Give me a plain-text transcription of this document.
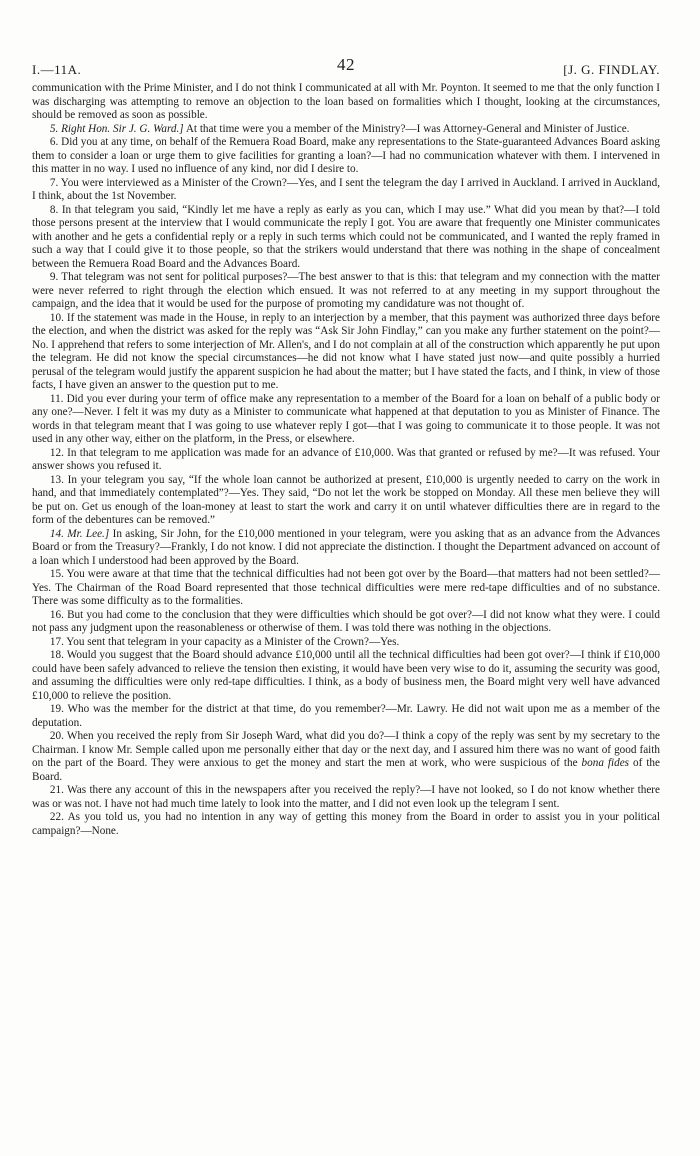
I.—11A.	42	[J. G. FINDLAY.

communication with the Prime Minister, and I do not think I communicated at all with Mr. Poynton. It seemed to me that the only function I was discharging was attempting to remove an objection to the loan based on formalities which I thought, looking at the circumstances, should be removed as soon as possible.

5. Right Hon. Sir J. G. Ward.] At that time were you a member of the Ministry?—I was Attorney-General and Minister of Justice.

6. Did you at any time, on behalf of the Remuera Road Board, make any representations to the State-guaranteed Advances Board asking them to consider a loan or urge them to give facilities for granting a loan?—I had no communication whatever with them. I intervened in this matter in no way. I used no influence of any kind, nor did I desire to.

7. You were interviewed as a Minister of the Crown?—Yes, and I sent the telegram the day I arrived in Auckland. I arrived in Auckland, I think, about the 1st November.

8. In that telegram you said, “Kindly let me have a reply as early as you can, which I may use.” What did you mean by that?—I told those persons present at the interview that I would communicate the reply I got. You are aware that frequently one Minister communicates with another and he gets a confidential reply or a reply in such terms which could not be communicated, and I wanted the reply framed in such a way that I could give it to those people, so that the strikers would understand that there was nothing in the shape of concealment between the Remuera Road Board and the Advances Board.

9. That telegram was not sent for political purposes?—The best answer to that is this: that telegram and my connection with the matter were never referred to right through the election which ensued. It was not referred to at any meeting in my support throughout the campaign, and the idea that it would be used for the purpose of promoting my candidature was not thought of.

10. If the statement was made in the House, in reply to an interjection by a member, that this payment was authorized three days before the election, and when the district was asked for the reply was “Ask Sir John Findlay,” can you make any further statement on the point?—No. I apprehend that refers to some interjection of Mr. Allen's, and I do not complain at all of the construction which apparently he put upon the telegram. He did not know the special circumstances—he did not know what I have stated just now—and quite possibly a hurried perusal of the telegram would justify the apparent suspicion he had about the matter; but I have stated the facts, and I think, in view of those facts, I have given an answer to the question put to me.

11. Did you ever during your term of office make any representation to a member of the Board for a loan on behalf of a public body or any one?—Never. I felt it was my duty as a Minister to communicate what happened at that deputation to you as Minister of Finance. The words in that telegram meant that I was going to use whatever reply I got—that I was going to communicate it to those people. It was not used in any other way, either on the platform, in the Press, or elsewhere.

12. In that telegram to me application was made for an advance of £10,000. Was that granted or refused by me?—It was refused. Your answer shows you refused it.

13. In your telegram you say, “If the whole loan cannot be authorized at present, £10,000 is urgently needed to carry on the work in hand, and that immediately contemplated”?—Yes. They said, “Do not let the work be stopped on Monday. All these men believe they will be put on. Get us enough of the loan-money at least to start the work and carry it on until whatever difficulties there are in regard to the form of the debentures can be removed.”

14. Mr. Lee.] In asking, Sir John, for the £10,000 mentioned in your telegram, were you asking that as an advance from the Advances Board or from the Treasury?—Frankly, I do not know. I did not appreciate the distinction. I thought the Department advanced on account of a loan which I understood had been approved by the Board.

15. You were aware at that time that the technical difficulties had not been got over by the Board—that matters had not been settled?—Yes. The Chairman of the Road Board represented that those technical difficulties were mere red-tape difficulties and of no substance. There was some difficulty as to the formalities.

16. But you had come to the conclusion that they were difficulties which should be got over?—I did not know what they were. I could not pass any judgment upon the reasonableness or otherwise of them. I was told there was nothing in the objections.

17. You sent that telegram in your capacity as a Minister of the Crown?—Yes.

18. Would you suggest that the Board should advance £10,000 until all the technical difficulties had been got over?—I think if £10,000 could have been safely advanced to relieve the tension then existing, it would have been very wise to do it, assuming the security was good, and assuming the difficulties were only red-tape difficulties. I think, as a body of business men, the Board might very well have advanced £10,000 to relieve the position.

19. Who was the member for the district at that time, do you remember?—Mr. Lawry. He did not wait upon me as a member of the deputation.

20. When you received the reply from Sir Joseph Ward, what did you do?—I think a copy of the reply was sent by my secretary to the Chairman. I know Mr. Semple called upon me personally either that day or the next day, and I assured him there was no want of good faith on the part of the Board. They were anxious to get the money and start the men at work, who were suspicious of the bona fides of the Board.

21. Was there any account of this in the newspapers after you received the reply?—I have not looked, so I do not know whether there was or was not. I have not had much time lately to look into the matter, and I did not even look up the telegram I sent.

22. As you told us, you had no intention in any way of getting this money from the Board in order to assist you in your political campaign?—None.
